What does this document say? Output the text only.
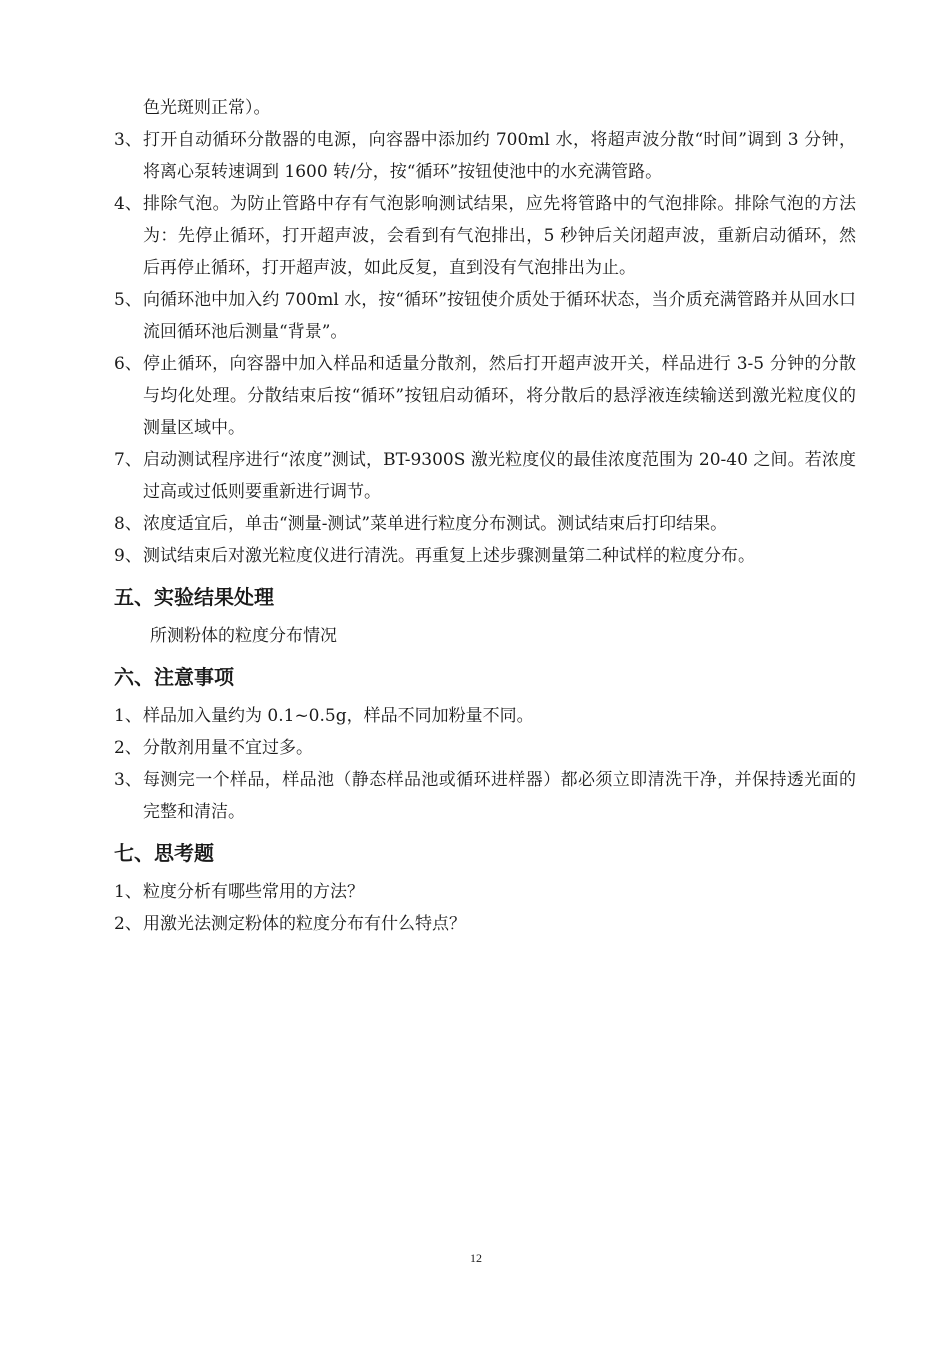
色光斑则正常）。
3、 打开自动循环分散器的电源，向容器中添加约 700ml 水，将超声波分散“时间”调到 3 分钟，将离心泵转速调到 1600 转/分，按“循环”按钮使池中的水充满管路。
4、 排除气泡。为防止管路中存有气泡影响测试结果，应先将管路中的气泡排除。排除气泡的方法为：先停止循环，打开超声波，会看到有气泡排出，5 秒钟后关闭超声波，重新启动循环，然后再停止循环，打开超声波，如此反复，直到没有气泡排出为止。
5、 向循环池中加入约 700ml 水，按“循环”按钮使介质处于循环状态，当介质充满管路并从回水口流回循环池后测量“背景”。
6、 停止循环，向容器中加入样品和适量分散剂，然后打开超声波开关，样品进行 3-5 分钟的分散与均化处理。分散结束后按“循环”按钮启动循环，将分散后的悬浮液连续输送到激光粒度仪的测量区域中。
7、 启动测试程序进行“浓度”测试，BT-9300S 激光粒度仪的最佳浓度范围为 20-40 之间。若浓度过高或过低则要重新进行调节。
8、 浓度适宜后，单击“测量-测试”菜单进行粒度分布测试。测试结束后打印结果。
9、 测试结束后对激光粒度仪进行清洗。再重复上述步骤测量第二种试样的粒度分布。
五、实验结果处理
所测粉体的粒度分布情况
六、注意事项
1、 样品加入量约为 0.1~0.5g，样品不同加粉量不同。
2、 分散剂用量不宜过多。
3、 每测完一个样品，样品池（静态样品池或循环进样器）都必须立即清洗干净，并保持透光面的完整和清洁。
七、思考题
1、 粒度分析有哪些常用的方法？
2、 用激光法测定粉体的粒度分布有什么特点？
12
